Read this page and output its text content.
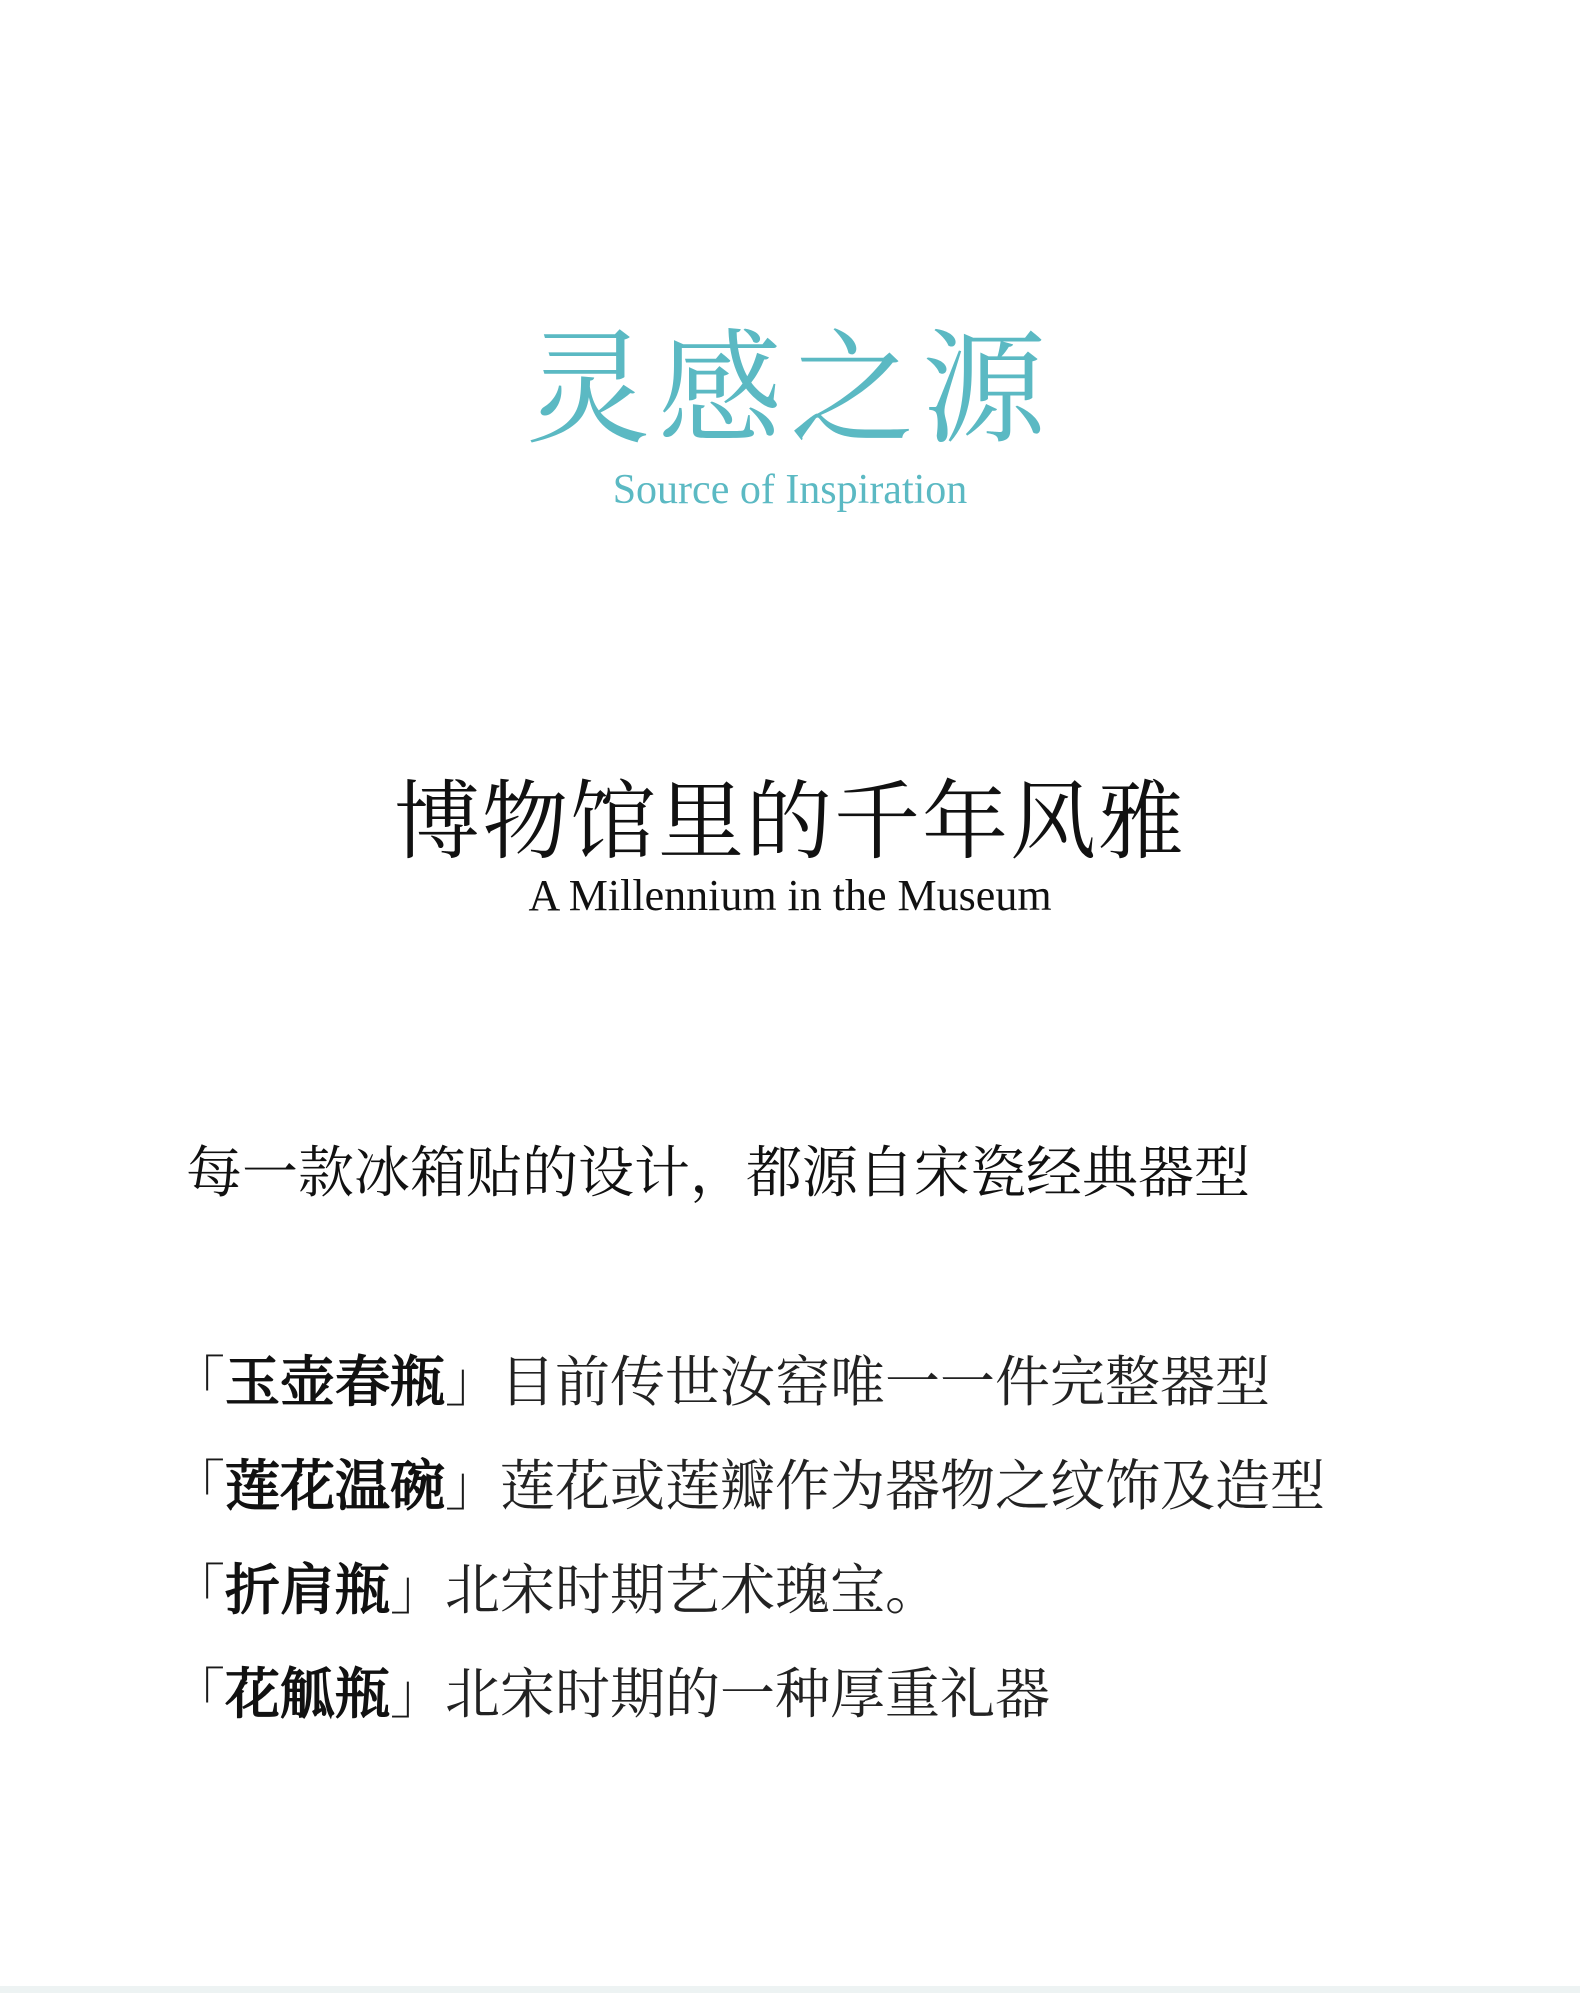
灵感之源
Source of Inspiration
博物馆里的千年风雅
A Millennium in the Museum
每一款冰箱贴的设计，都源自宋瓷经典器型
「玉壶春瓶」目前传世汝窑唯一一件完整器型
「莲花温碗」莲花或莲瓣作为器物之纹饰及造型
「折肩瓶」北宋时期艺术瑰宝。
「花觚瓶」北宋时期的一种厚重礼器
